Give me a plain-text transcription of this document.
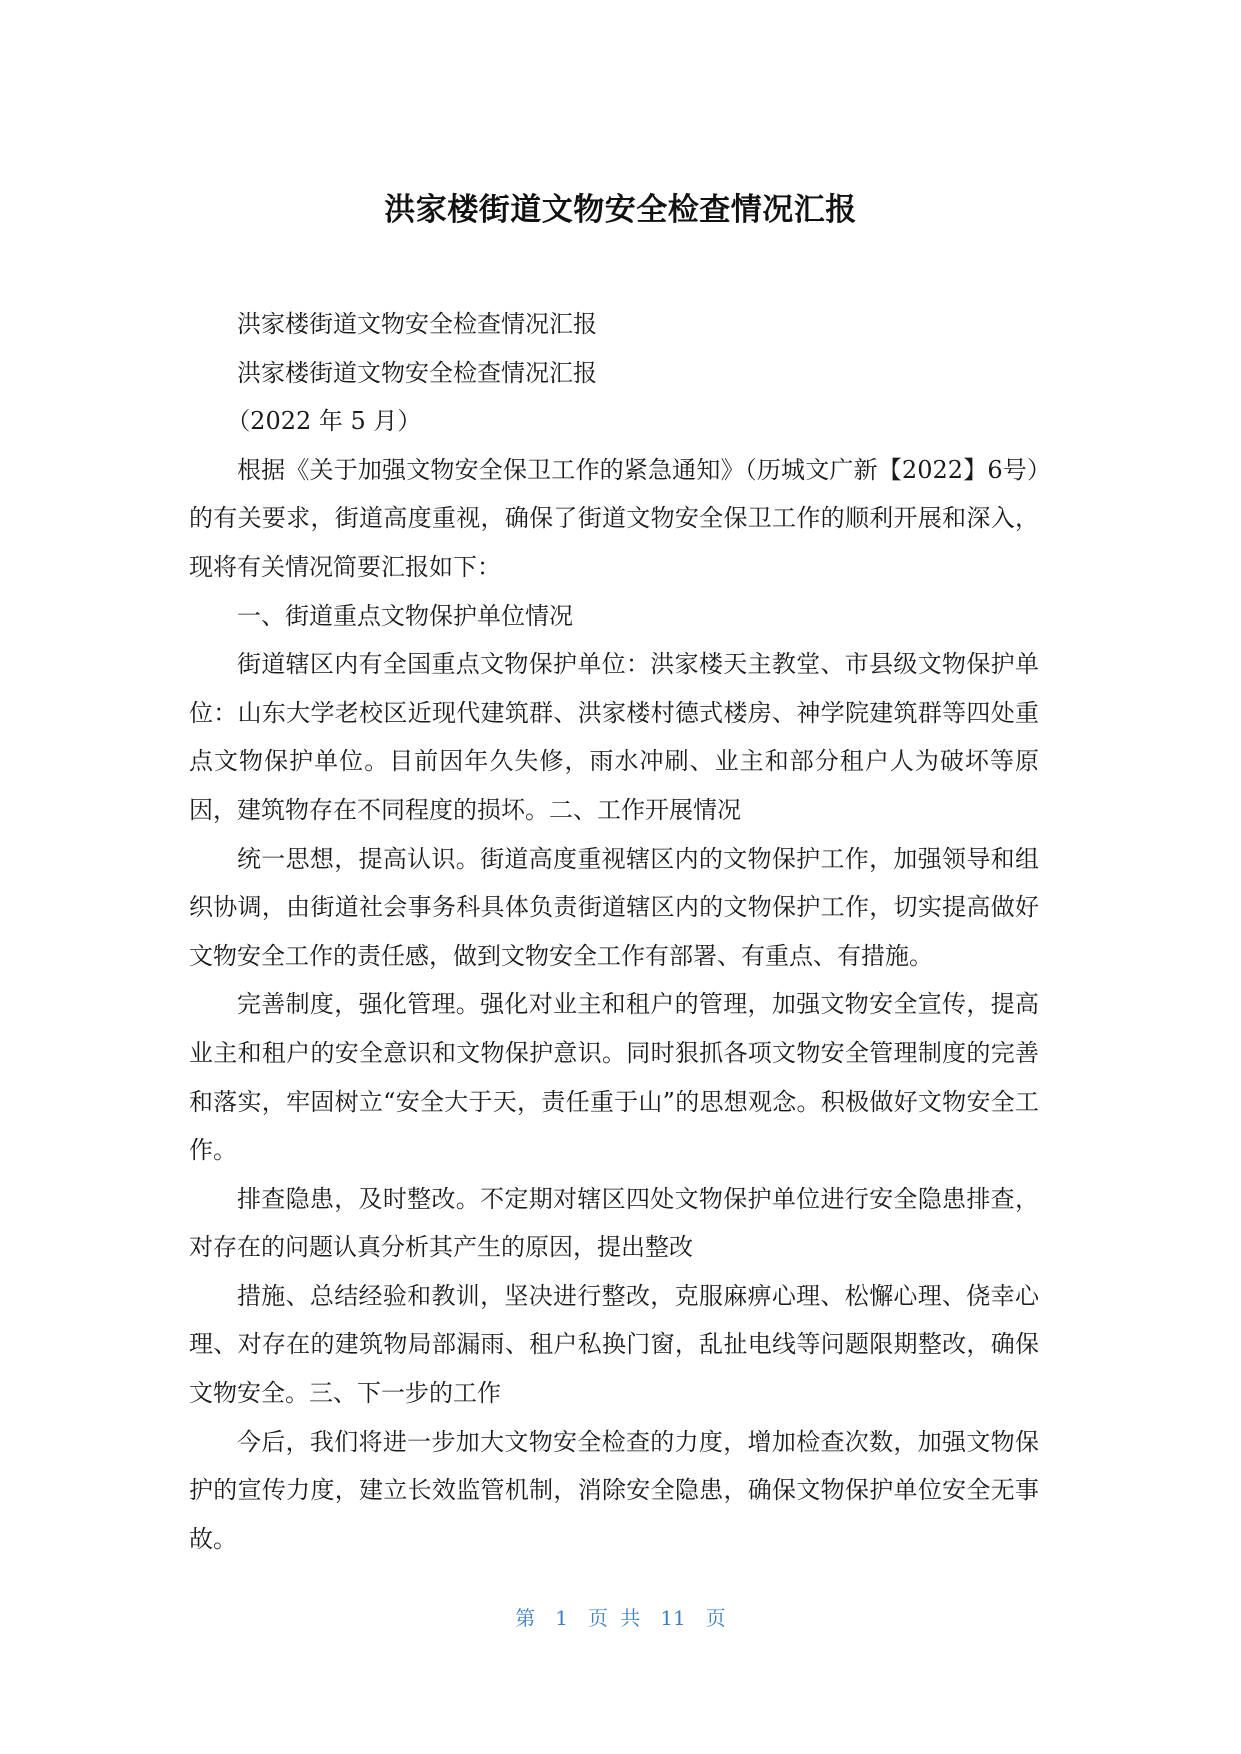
洪家楼街道文物安全检查情况汇报

洪家楼街道文物安全检查情况汇报

洪家楼街道文物安全检查情况汇报

（2022 年 5 月）

根据《关于加强文物安全保卫工作的紧急通知》（历城文广新【2022】6号）的有关要求，街道高度重视，确保了街道文物安全保卫工作的顺利开展和深入，现将有关情况简要汇报如下：

一、街道重点文物保护单位情况

街道辖区内有全国重点文物保护单位：洪家楼天主教堂、市县级文物保护单位：山东大学老校区近现代建筑群、洪家楼村德式楼房、神学院建筑群等四处重点文物保护单位。目前因年久失修，雨水冲刷、业主和部分租户人为破坏等原因，建筑物存在不同程度的损坏。二、工作开展情况

统一思想，提高认识。街道高度重视辖区内的文物保护工作，加强领导和组织协调，由街道社会事务科具体负责街道辖区内的文物保护工作，切实提高做好文物安全工作的责任感，做到文物安全工作有部署、有重点、有措施。

完善制度，强化管理。强化对业主和租户的管理，加强文物安全宣传，提高业主和租户的安全意识和文物保护意识。同时狠抓各项文物安全管理制度的完善和落实，牢固树立“安全大于天，责任重于山”的思想观念。积极做好文物安全工作。

排查隐患，及时整改。不定期对辖区四处文物保护单位进行安全隐患排查，对存在的问题认真分析其产生的原因，提出整改

措施、总结经验和教训，坚决进行整改，克服麻痹心理、松懈心理、侥幸心理、对存在的建筑物局部漏雨、租户私换门窗，乱扯电线等问题限期整改，确保文物安全。三、下一步的工作

今后，我们将进一步加大文物安全检查的力度，增加检查次数，加强文物保护的宣传力度，建立长效监管机制，消除安全隐患，确保文物保护单位安全无事故。

第 1 页 共 11 页
